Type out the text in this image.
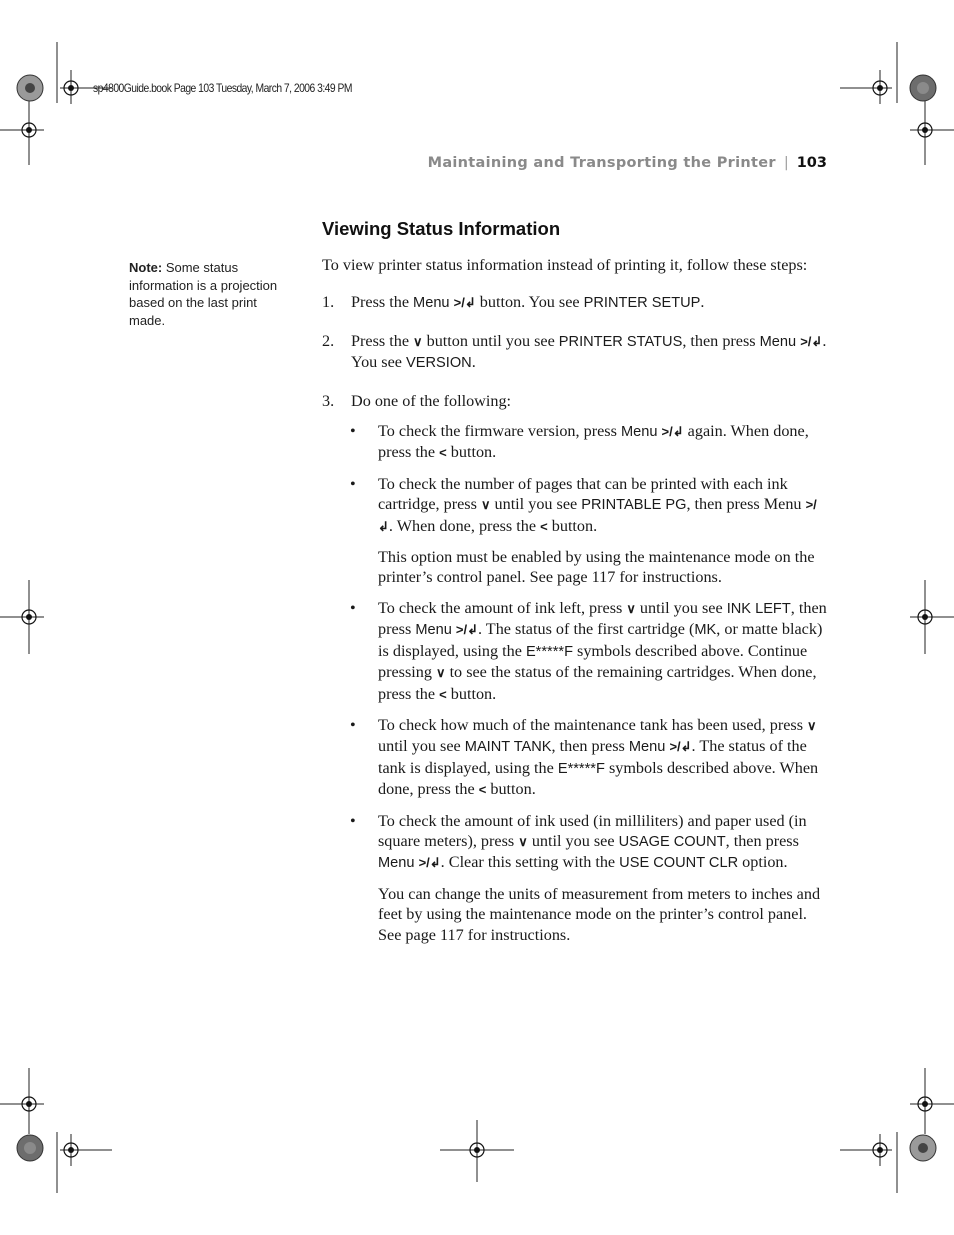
sp4800Guide.book Page 103 Tuesday, March 7, 2006 3:49 PM
Maintaining and Transporting the Printer | 103
Viewing Status Information
Note: Some status information is a projection based on the last print made.

To view printer status information instead of printing it, follow these steps:

1. Press the Menu >/↲ button. You see PRINTER SETUP.
2. Press the ∨ button until you see PRINTER STATUS, then press Menu >/↲. You see VERSION.
3. Do one of the following:
• To check the firmware version, press Menu >/↲ again. When done, press the < button.
• To check the number of pages that can be printed with each ink cartridge, press ∨ until you see PRINTABLE PG, then press Menu >/↲. When done, press the < button.

This option must be enabled by using the maintenance mode on the printer’s control panel. See page 117 for instructions.

• To check the amount of ink left, press ∨ until you see INK LEFT, then press Menu >/↲. The status of the first cartridge (MK, or matte black) is displayed, using the E*****F symbols described above. Continue pressing ∨ to see the status of the remaining cartridges. When done, press the < button.
• To check how much of the maintenance tank has been used, press ∨ until you see MAINT TANK, then press Menu >/↲. The status of the tank is displayed, using the E*****F symbols described above. When done, press the < button.
• To check the amount of ink used (in milliliters) and paper used (in square meters), press ∨ until you see USAGE COUNT, then press Menu >/↲. Clear this setting with the USE COUNT CLR option.

You can change the units of measurement from meters to inches and feet by using the maintenance mode on the printer’s control panel. See page 117 for instructions.
